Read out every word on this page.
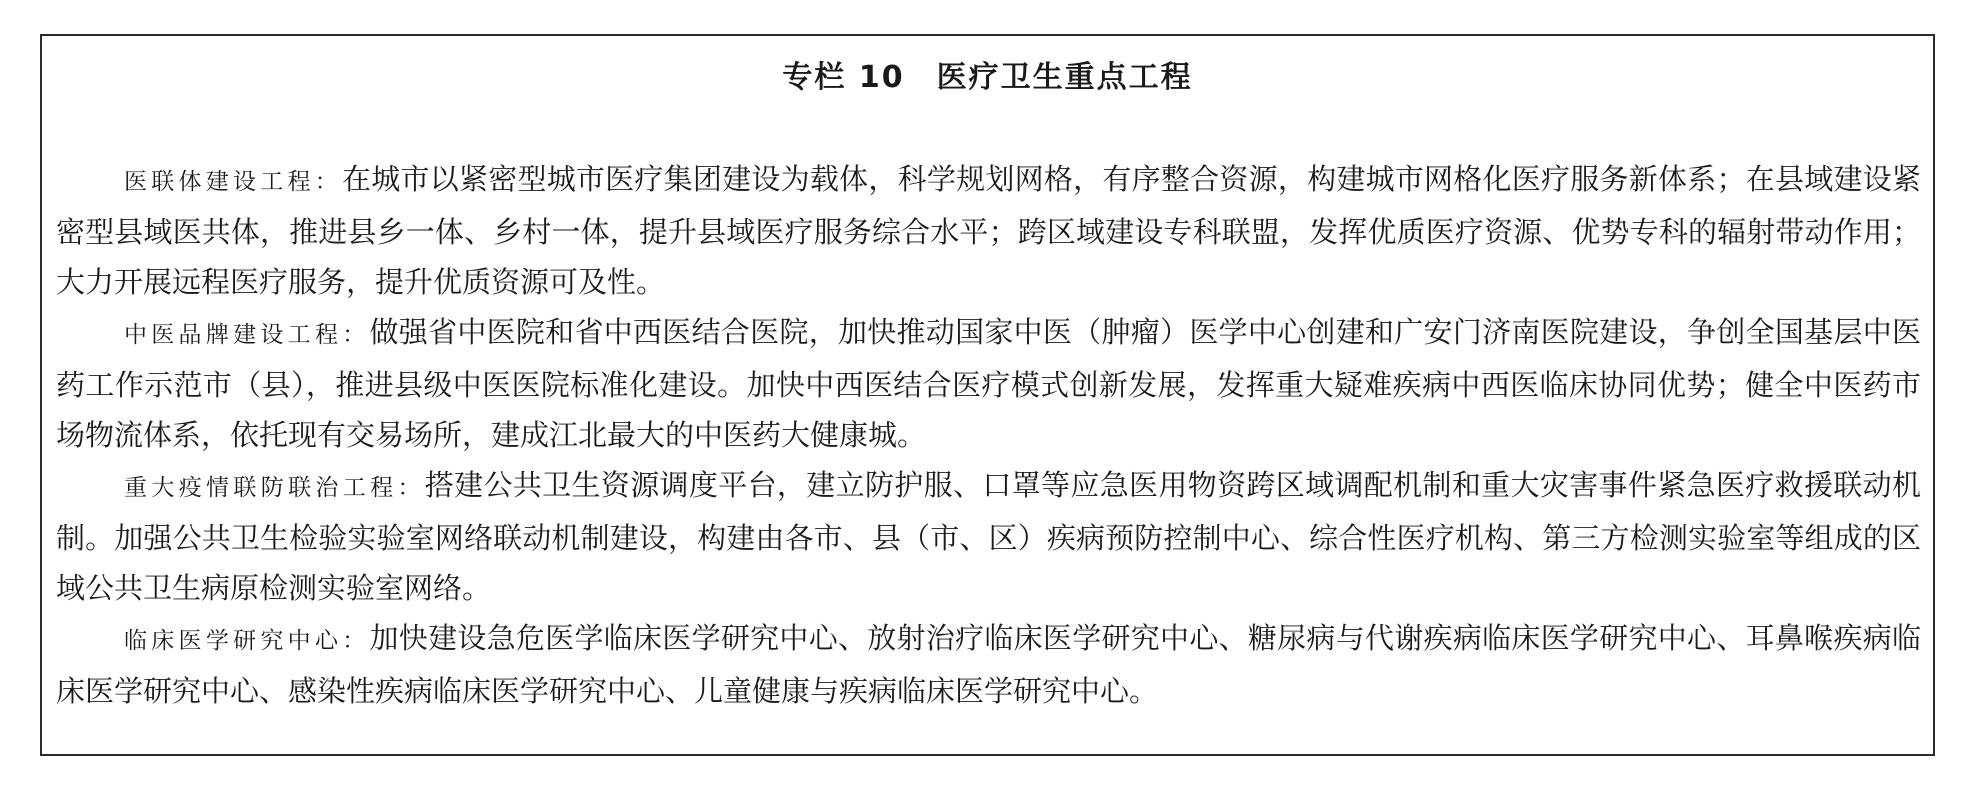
专栏 10　医疗卫生重点工程

医联体建设工程：在城市以紧密型城市医疗集团建设为载体，科学规划网格，有序整合资源，构建城市网格化医疗服务新体系；在县域建设紧密型县域医共体，推进县乡一体、乡村一体，提升县域医疗服务综合水平；跨区域建设专科联盟，发挥优质医疗资源、优势专科的辐射带动作用；大力开展远程医疗服务，提升优质资源可及性。

中医品牌建设工程：做强省中医院和省中西医结合医院，加快推动国家中医（肿瘤）医学中心创建和广安门济南医院建设，争创全国基层中医药工作示范市（县），推进县级中医医院标准化建设。加快中西医结合医疗模式创新发展，发挥重大疑难疾病中西医临床协同优势；健全中医药市场物流体系，依托现有交易场所，建成江北最大的中医药大健康城。

重大疫情联防联治工程：搭建公共卫生资源调度平台，建立防护服、口罩等应急医用物资跨区域调配机制和重大灾害事件紧急医疗救援联动机制。加强公共卫生检验实验室网络联动机制建设，构建由各市、县（市、区）疾病预防控制中心、综合性医疗机构、第三方检测实验室等组成的区域公共卫生病原检测实验室网络。

临床医学研究中心：加快建设急危医学临床医学研究中心、放射治疗临床医学研究中心、糖尿病与代谢疾病临床医学研究中心、耳鼻喉疾病临床医学研究中心、感染性疾病临床医学研究中心、儿童健康与疾病临床医学研究中心。
